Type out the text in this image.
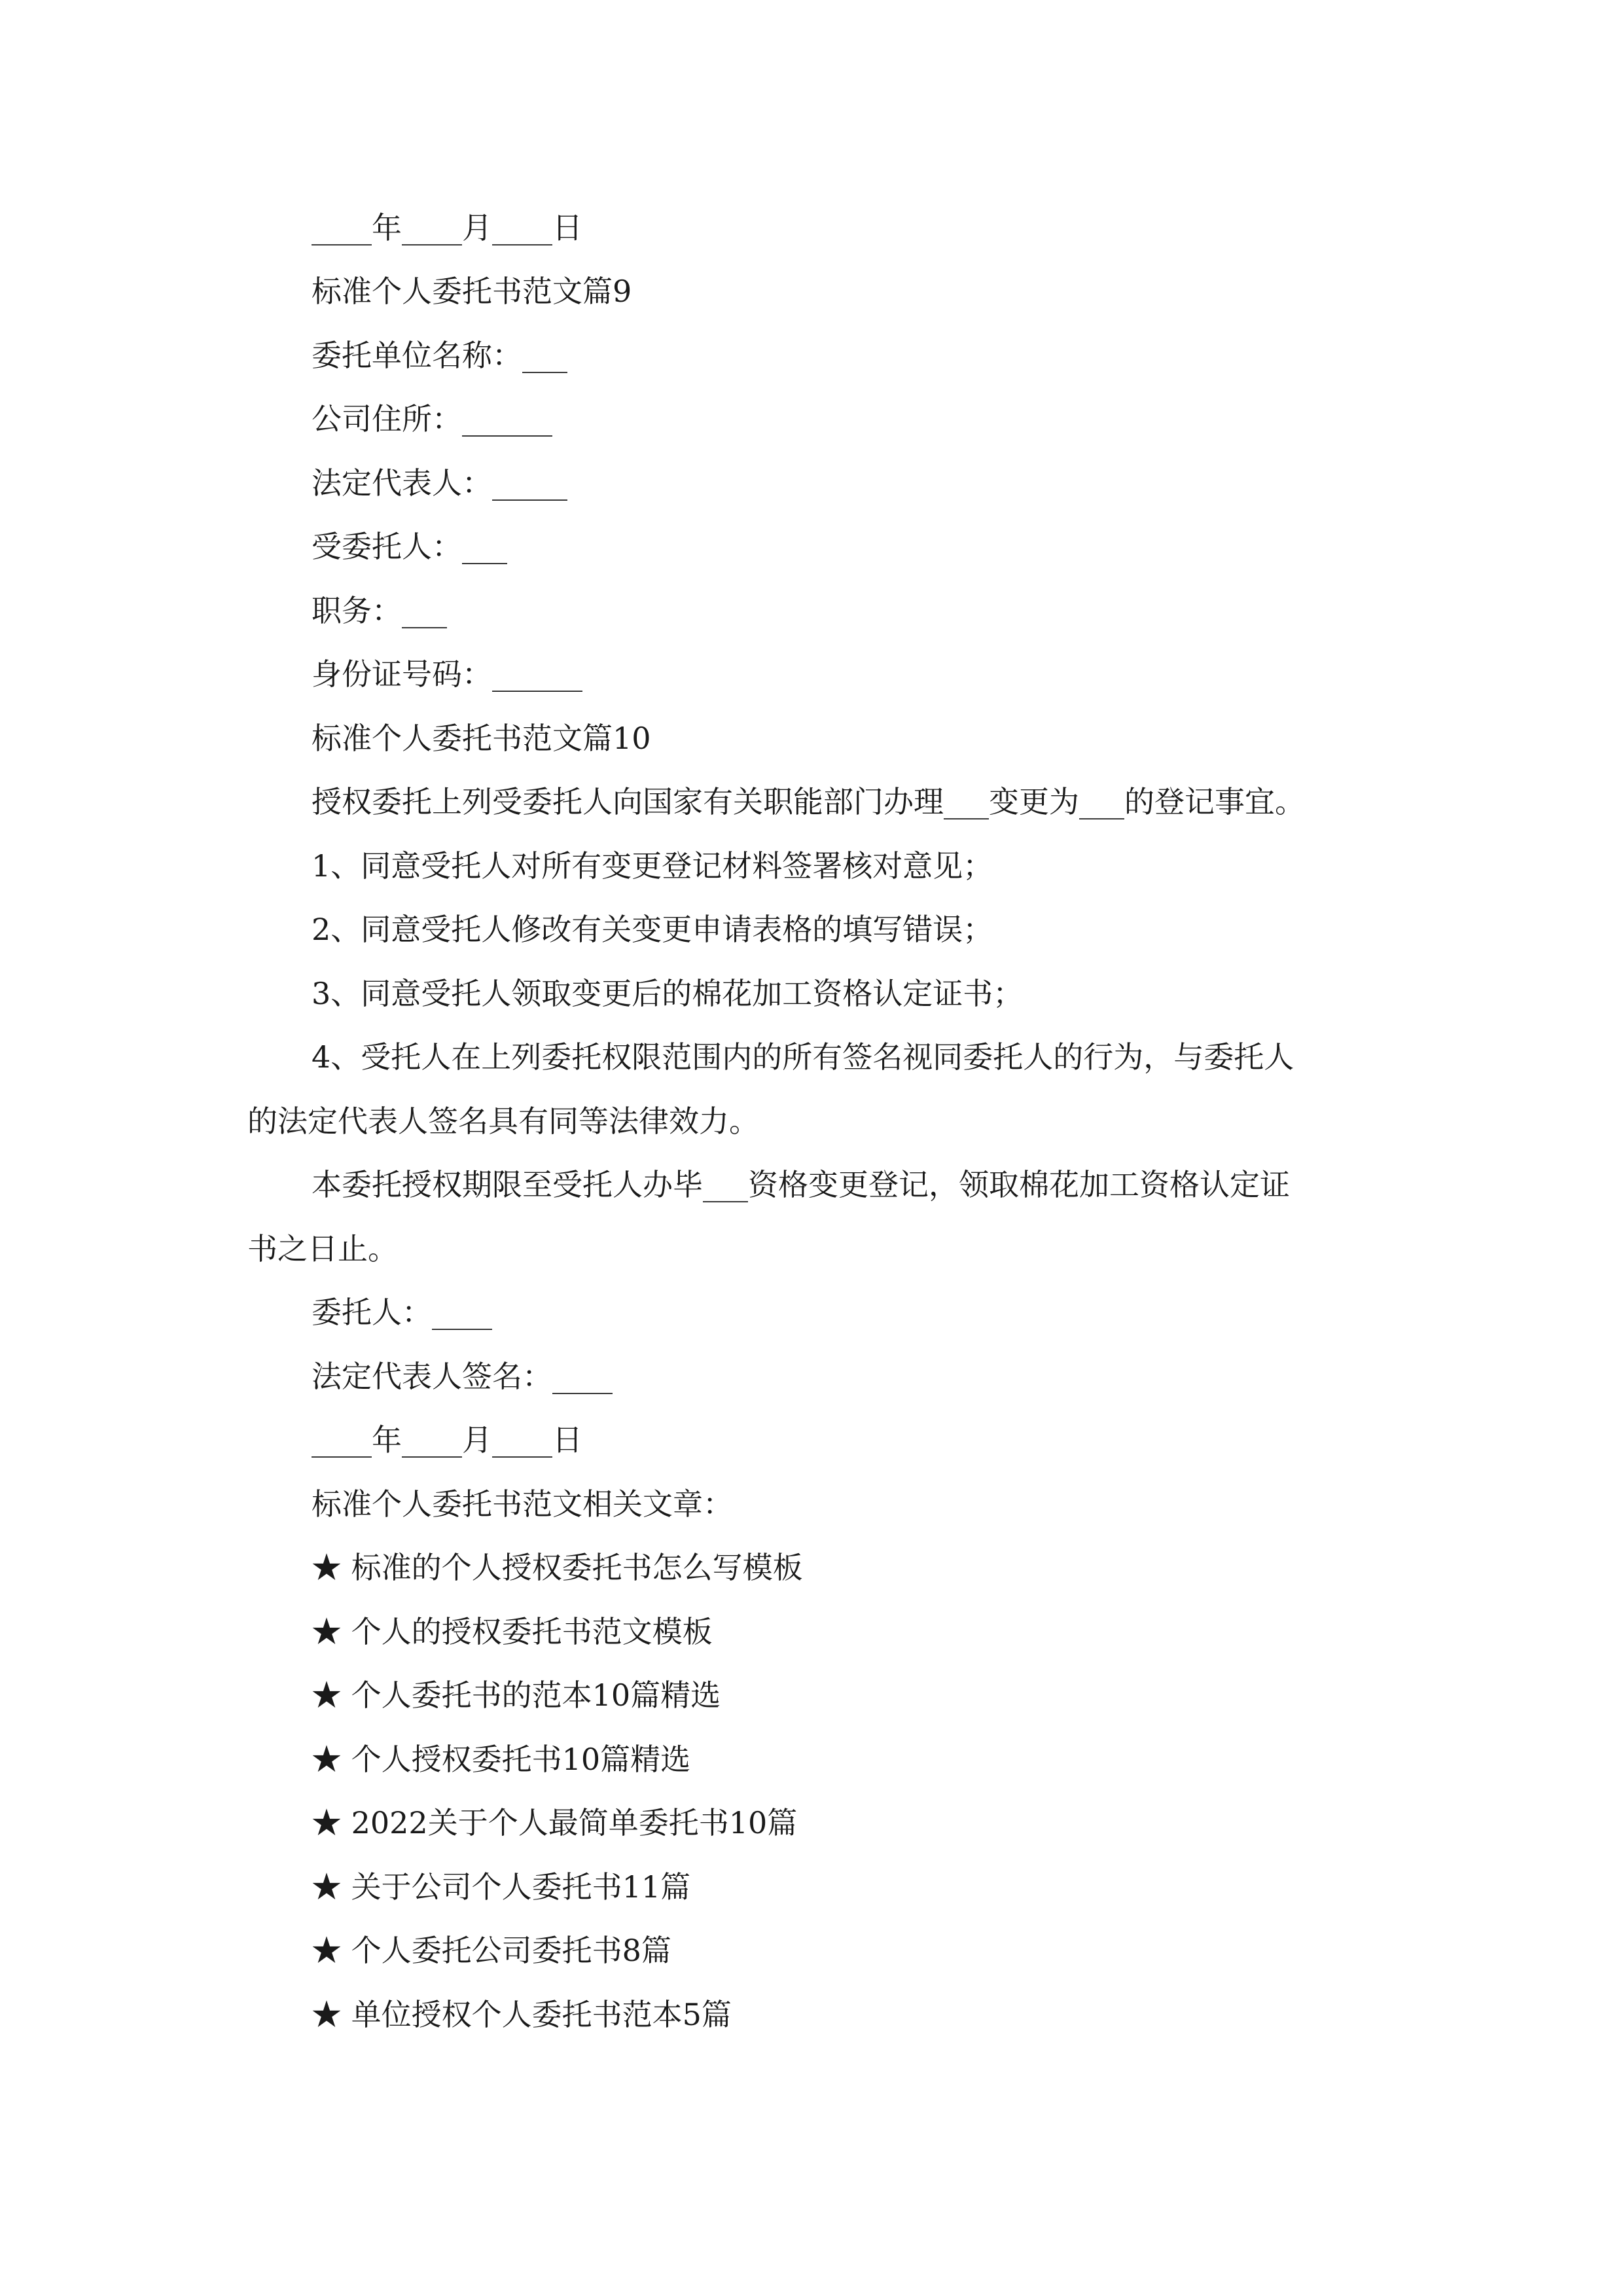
____年____月____日
标准个人委托书范文篇9
委托单位名称：___
公司住所：______
法定代表人：_____
受委托人：___
职务：___
身份证号码：______
标准个人委托书范文篇10
授权委托上列受委托人向国家有关职能部门办理___变更为___的登记事宜。
1、同意受托人对所有变更登记材料签署核对意见；
2、同意受托人修改有关变更申请表格的填写错误；
3、同意受托人领取变更后的棉花加工资格认定证书；
4、受托人在上列委托权限范围内的所有签名视同委托人的行为，与委托人
的法定代表人签名具有同等法律效力。
本委托授权期限至受托人办毕___资格变更登记，领取棉花加工资格认定证
书之日止。
委托人：____
法定代表人签名：____
____年____月____日
标准个人委托书范文相关文章：
★ 标准的个人授权委托书怎么写模板
★ 个人的授权委托书范文模板
★ 个人委托书的范本10篇精选
★ 个人授权委托书10篇精选
★ 2022关于个人最简单委托书10篇
★ 关于公司个人委托书11篇
★ 个人委托公司委托书8篇
★ 单位授权个人委托书范本5篇
